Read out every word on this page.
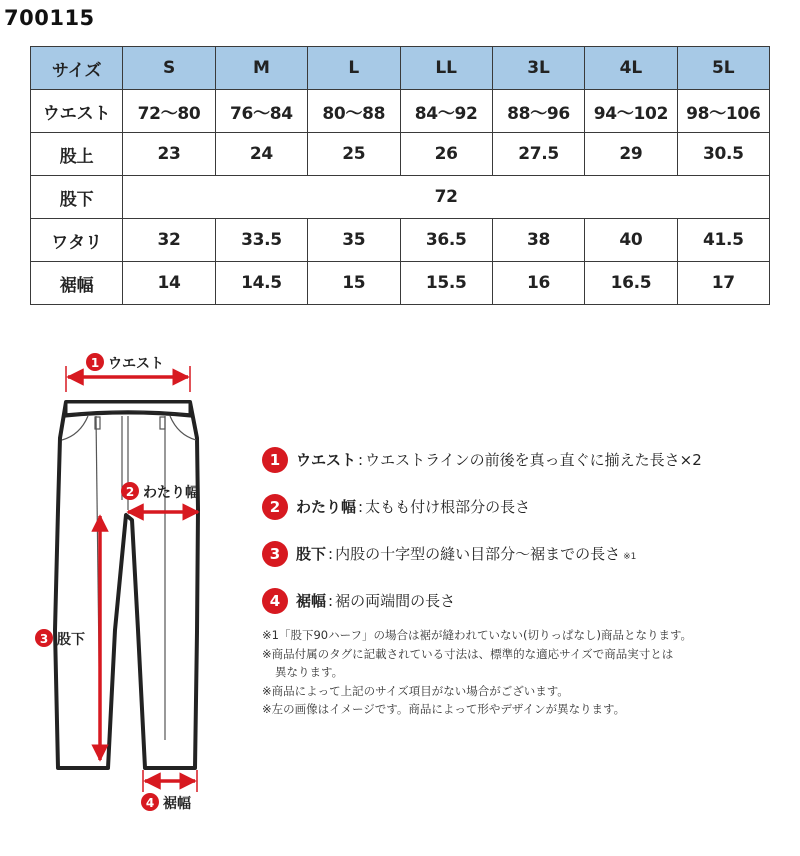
700115
サイズ	S	M	L	LL	3L	4L	5L
ウエスト	72〜80	76〜84	80〜88	84〜92	88〜96	94〜102	98〜106
股上	23	24	25	26	27.5	29	30.5
股下	72						
ワタリ	32	33.5	35	36.5	38	40	41.5
裾幅	14	14.5	15	15.5	16	16.5	17
1 ウエスト
2 わたり幅
3 股下
4 裾幅
1	ウエスト : ウエストラインの前後を真っ直ぐに揃えた長さ×2
2	わたり幅 : 太もも付け根部分の長さ
3	股下 : 内股の十字型の縫い目部分〜裾までの長さ ※1
4	裾幅 : 裾の両端間の長さ
※1「股下90ハーフ」の場合は裾が縫われていない(切りっぱなし)商品となります。
※商品付属のタグに記載されている寸法は、標準的な適応サイズで商品実寸とは
異なります。
※商品によって上記のサイズ項目がない場合がございます。
※左の画像はイメージです。商品によって形やデザインが異なります。
